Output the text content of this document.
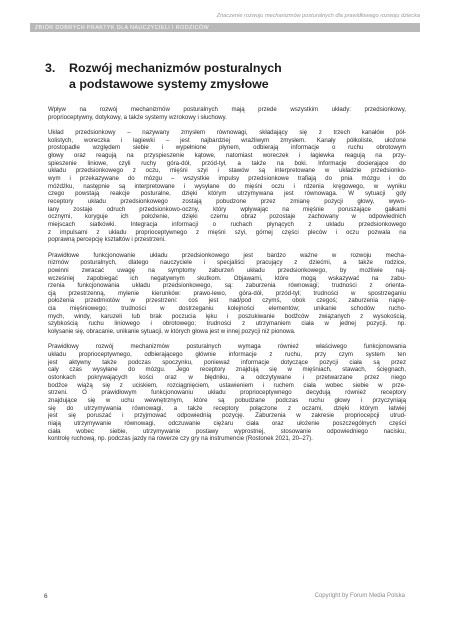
Znaczenie rozwoju mechanizmów posturalnych dla prawidłowego rozwoju dziecka
ZBIÓR DOBRYCH PRAKTYK DLA NAUCZYCIELI I RODZICÓW
3. Rozwój mechanizmów posturalnych
a podstawowe systemy zmysłowe
Wpływ na rozwój mechanizmów posturalnych mają przede wszystkim układy: przedsionkowy,
proprioceptywny, dotykowy, a także systemy wzrokowy i słuchowy.
Układ przedsionkowy – nazywany zmysłem równowagi, składający się z trzech kanałów pół-
kolistych, woreczka i łagiewki – jest najbardziej wrażliwym zmysłem. Kanały półkoliste, ułożone
prostopadle względem siebie i wypełnione płynem, odbierają informacje o ruchu obrotowym
głowy oraz reagują na przyspieszenie kątowe, natomiast woreczek i łagiewka reagują na przy-
spieszenie liniowe, czyli ruchy góra-dół, przód-tył, a także na boki. Informacje docierające do
układu przedsionkowego z oczu, mięśni szyi i stawów są interpretowane w układzie przedsionko-
wym i przekazywane do mózgu – wszystkie impulsy przedsionkowe trafiają do pnia mózgu i do
móżdżku, następnie są interpretowane i wysyłane do mięśni oczu i rdzenia kręgowego, w wyniku
czego powstają reakcje posturalne, dzięki którym utrzymywana jest równowaga. W sytuacji gdy
receptory układu przedsionkowego zostają pobudzone przez zmianę pozycji głowy, wywo-
łany zostaje odruch przedsionkowo-oczny, który wpływając na mięśnie poruszające gałkami
ocznymi, koryguje ich położenie, dzięki czemu obraz pozostaje zachowany w odpowiednich
miejscach siatkówki. Integracja informacji o ruchach płynących z układu przedsionkowego
z impulsami z układu proprioceptywnego z mięśni szyi, górnej części pleców i oczu pozwala na
poprawną percepcję kształtów i przestrzeni.
Prawidłowe funkcjonowanie układu przedsionkowego jest bardzo ważne w rozwoju mecha-
nizmów posturalnych, dlatego nauczyciele i specjaliści pracujący z dziećmi, a także rodzice,
powinni zwracać uwagę na symptomy zaburzeń układu przedsionkowego, by możliwie naj-
wcześniej zapobiegać ich negatywnym skutkom. Objawami, które mogą wskazywać na zabu-
rzenia funkcjonowania układu przedsionkowego, są: zaburzenia równowagi; trudności z orienta-
cją przestrzenną, mylenie kierunków: prawo-lewo, góra-dół, przód-tył; trudności w spostrzeganiu
położenia przedmiotów w przestrzeni: coś jest nad/pod czymś, obok czegoś; zaburzenia napię-
cia mięśniowego; trudności w dostrzeganiu kolejności elementów; unikanie schodów rucho-
mych, windy, karuzeli lub brak poczucia lęku i poszukiwanie bodźców związanych z wysokością,
szybkością ruchu liniowego i obrotowego; trudności z utrzymaniem ciała w jednej pozycji, np.
kołysanie się, obracanie, unikanie sytuacji, w których głowa jest w innej pozycji niż pionowa.
Prawidłowy rozwój mechanizmów posturalnych wymaga również właściwego funkcjonowania
układu proprioceptywnego, odbierającego głównie informacje z ruchu, przy czym system ten
jest aktywny także podczas spoczynku, ponieważ informacje dotyczące pozycji ciała są przez
cały czas wysyłane do mózgu. Jego receptory znajdują się w mięśniach, stawach, ścięgnach,
ostonkach pokrywających kości oraz w błędniku, a odczytywane i przetwarzane przez niego
bodźce wiążą się z uciskiem, rozciągnięciem, ustawieniem i ruchem ciała wobec siebie w prze-
strzeni. O prawidłowym funkcjonowaniu układu proprioceptywnego decydują również receptory
znajdujące się w uchu wewnętrznym, które są pobudzane podczas ruchu głowy i przyczyniają
się do utrzymywania równowagi, a także receptory połączone z oczami, dzięki którym łatwiej
jest się poruszać i przyjmować odpowiednią pozycję. Zaburzenia w zakresie propriocepcji utrud-
niają utrzymywanie równowagi, odczuwanie ciężaru ciała oraz ułożenie poszczególnych części
ciała wobec siebie, utrzymywanie postawy wyprostnej, stosowanie odpowiedniego nacisku,
kontrolę ruchową, np. podczas jazdy na rowerze czy gry na instrumencie (Rostonek 2021, 20–27).
6	Copyright by Forum Media Polska
